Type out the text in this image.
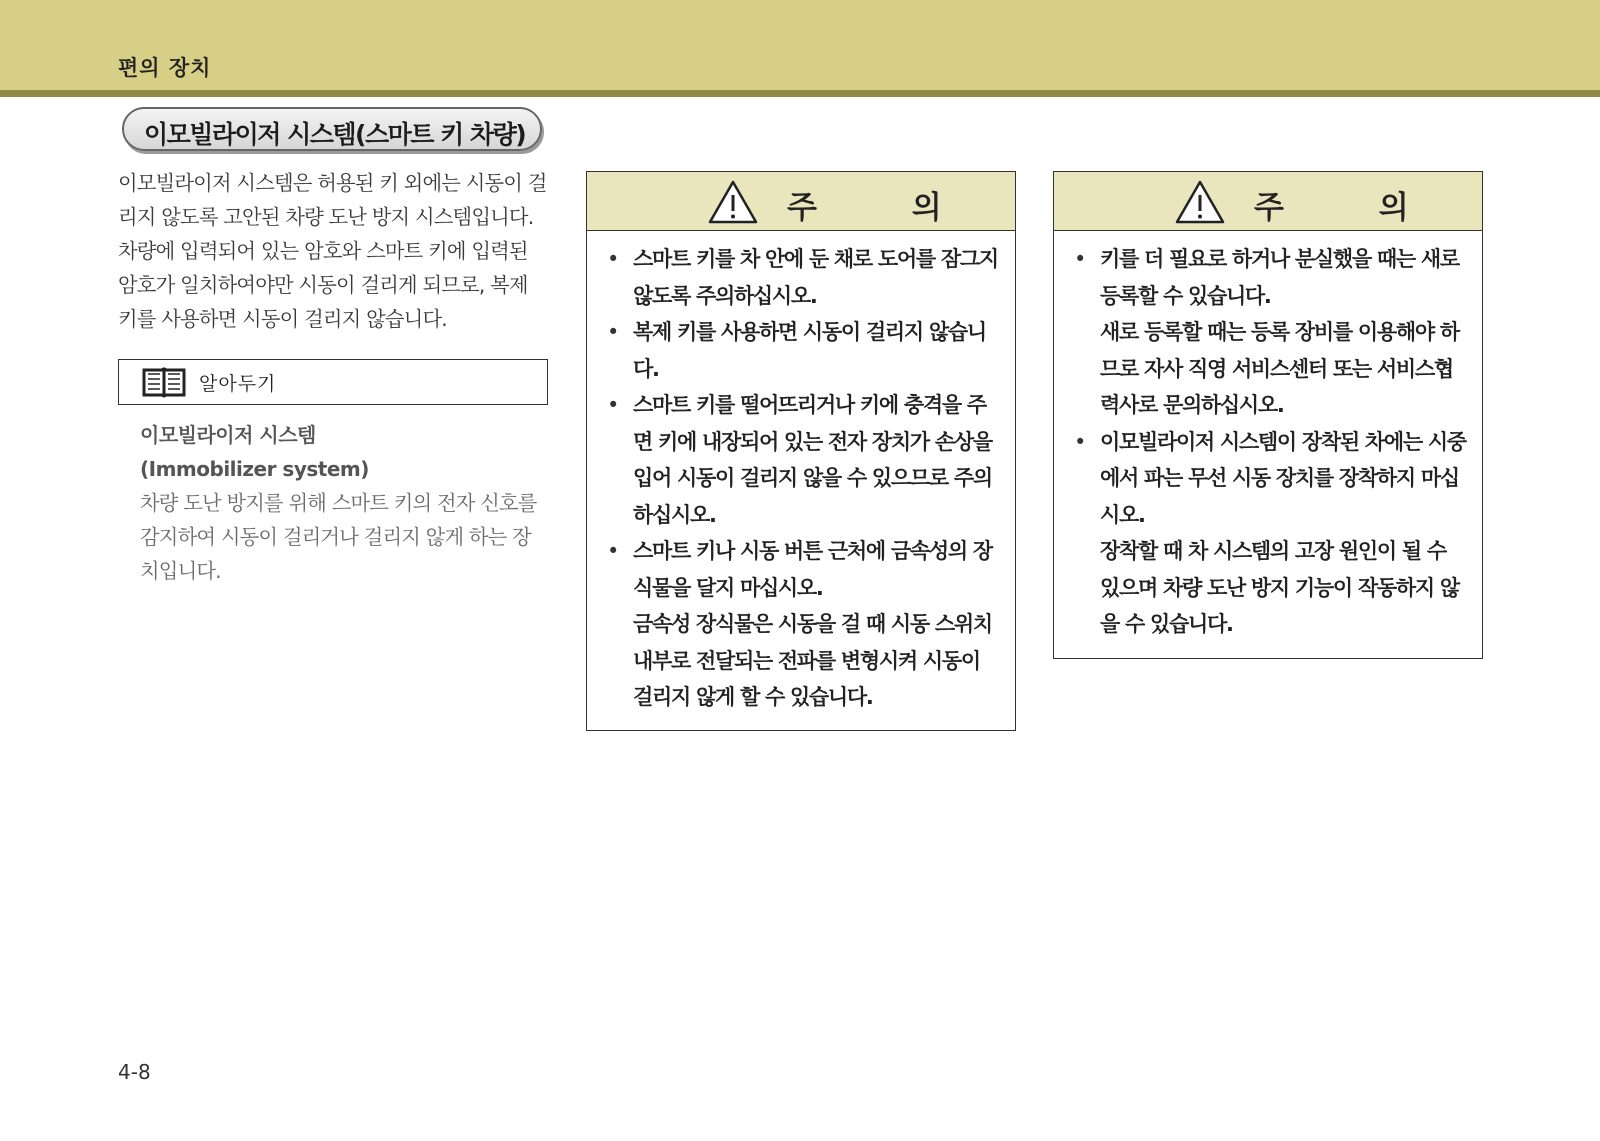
편의 장치
이모빌라이저 시스템(스마트 키 차량)

이모빌라이저 시스템은 허용된 키 외에는 시동이 걸리지 않도록 고안된 차량 도난 방지 시스템입니다. 차량에 입력되어 있는 암호와 스마트 키에 입력된 암호가 일치하여야만 시동이 걸리게 되므로, 복제 키를 사용하면 시동이 걸리지 않습니다.

알아두기
이모빌라이저 시스템
(Immobilizer system)

차량 도난 방지를 위해 스마트 키의 전자 신호를 감지하여 시동이 걸리거나 걸리지 않게 하는 장치입니다.

주 의

• 스마트 키를 차 안에 둔 채로 도어를 잠그지 않도록 주의하십시오.

• 복제 키를 사용하면 시동이 걸리지 않습니다.

• 스마트 키를 떨어뜨리거나 키에 충격을 주면 키에 내장되어 있는 전자 장치가 손상을 입어 시동이 걸리지 않을 수 있으므로 주의하십시오.

• 스마트 키나 시동 버튼 근처에 금속성의 장식물을 달지 마십시오.

금속성 장식물은 시동을 걸 때 시동 스위치 내부로 전달되는 전파를 변형시켜 시동이 걸리지 않게 할 수 있습니다.

주 의

• 키를 더 필요로 하거나 분실했을 때는 새로 등록할 수 있습니다.

새로 등록할 때는 등록 장비를 이용해야 하므로 자사 직영 서비스센터 또는 서비스협력사로 문의하십시오.

• 이모빌라이저 시스템이 장착된 차에는 시중에서 파는 무선 시동 장치를 장착하지 마십시오.

장착할 때 차 시스템의 고장 원인이 될 수 있으며 차량 도난 방지 기능이 작동하지 않을 수 있습니다.

4-8
